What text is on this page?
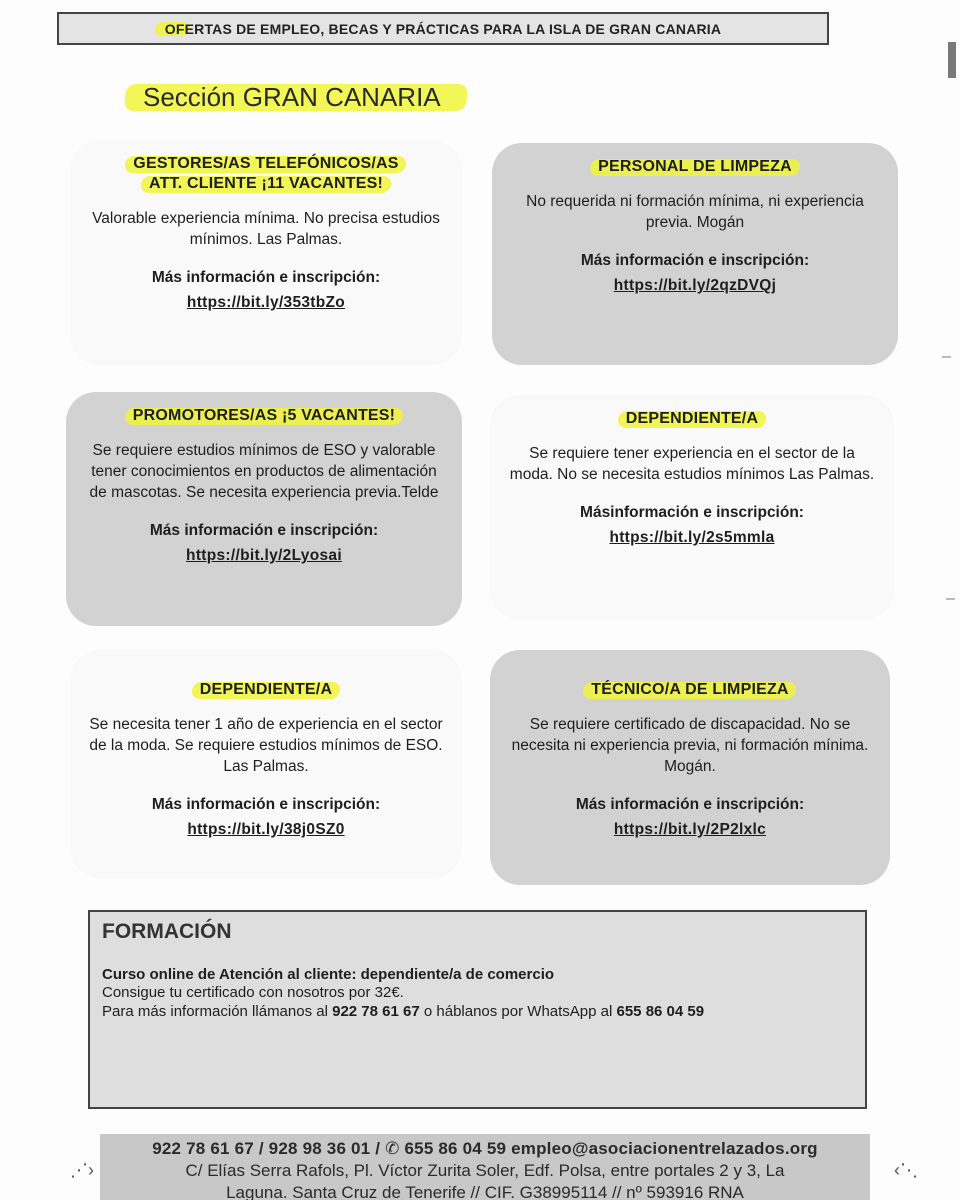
OFERTAS DE EMPLEO, BECAS Y PRÁCTICAS PARA LA ISLA DE GRAN CANARIA
Sección GRAN CANARIA
GESTORES/AS TELEFÓNICOS/AS
ATT. CLIENTE ¡11 VACANTES!
Valorable experiencia mínima. No precisa estudios mínimos. Las Palmas.
Más información e inscripción:
https://bit.ly/353tbZo
PERSONAL DE LIMPEZA
No requerida ni formación mínima, ni experiencia previa. Mogán
Más información e inscripción:
https://bit.ly/2qzDVQj
PROMOTORES/AS ¡5 VACANTES!
Se requiere estudios mínimos de ESO y valorable tener conocimientos en productos de alimentación de mascotas. Se necesita experiencia previa.Telde
Más información e inscripción:
https://bit.ly/2Lyosai
DEPENDIENTE/A
Se requiere tener experiencia en el sector de la moda. No se necesita estudios mínimos Las Palmas.
Másinformación e inscripción:
https://bit.ly/2s5mmla
DEPENDIENTE/A
Se necesita tener 1 año de experiencia en el sector de la moda. Se requiere estudios mínimos de ESO. Las Palmas.
Más información e inscripción:
https://bit.ly/38j0SZ0
TÉCNICO/A DE LIMPIEZA
Se requiere certificado de discapacidad. No se necesita ni experiencia previa, ni formación mínima. Mogán.
Más información e inscripción:
https://bit.ly/2P2lxlc
FORMACIÓN
Curso online de Atención al cliente: dependiente/a de comercio
Consigue tu certificado con nosotros por 32€.
Para más información llámanos al 922 78 61 67 o háblanos por WhatsApp al 655 86 04 59
922 78 61 67 / 928 98 36 01 / ✆ 655 86 04 59 empleo@asociacionentrelazados.org
C/ Elías Serra Rafols, Pl. Víctor Zurita Soler, Edf. Polsa, entre portales 2 y 3, La
Laguna. Santa Cruz de Tenerife // CIF. G38995114 // nº 593916 RNA
⋰›	‹⋱
